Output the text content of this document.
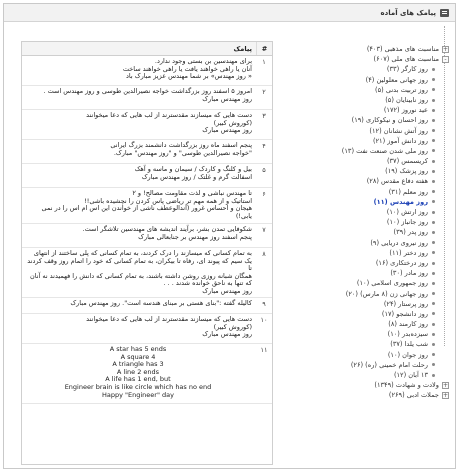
پیامک های آماده
+
مناسبت های مذهبی (۴۰۳)
-
مناسبت های ملی (۶۰۷)
روز کارگر (۳۳)
روز جهانی معلولین (۴)
روز تربیت بدنی (۵)
روز نابینایان (۵)
عید نوروز (۱۷۲)
روز احسان و نیکوکاری (۱۹)
روز آتش نشانان (۱۲)
روز دانش آموز (۲۱)
روز ملی شدن صنعت نفت (۱۳)
کریسمس (۳۷)
روز پزشک (۱۹)
هفته دفاع مقدس (۲۸)
روز معلم (۳۱)
روز مهندس (۱۱)
روز ارتش (۱۰)
روز جانباز (۱۰)
روز پدر (۳۹)
روز نیروی دریایی (۹)
روز دختر (۱۱)
روز درختکاری (۱۶)
روز مادر (۳۰)
روز جمهوری اسلامی (۱۰)
روز جهانی زن (۸ مارس) (۲۰)
روز پرستار (۲۴)
روز دانشجو (۱۷)
روز کارمند (۸)
سیزده‌بدر (۱۰)
شب یلدا (۳۷)
روز جوان (۱۰)
رحلت امام خمینی (ره) (۲۶)
۱۳ آبان (۱۲)
+
ولادت و شهادت (۱۳۴۹)
+
جملات ادبی (۲۶۹)
#
پیامک
۱
برای مهندسین بن بستی وجود ندارد.
آنان یا راهی خواهند یافت یا راهی خواهند ساخت
« روز مهندس» بر شما مهندس عزیز مبارک باد
۲
امروز ۵ اسفند روز بزرگداشت خواجه نصیرالدین طوسی و روز مهندس است .
روز مهندس مبارک
۳
دست هایی که میسازند مقدسترند از لب هایی که دعا میخوانند
(کوروش کبیر)
روز مهندس مبارک
۴
پنجم اسفند ماه روز بزرگداشت دانشمند بزرگ ایرانی
"خواجه نصیرالدین طوسی" و "روز مهندس" مبارک.
۵
بیل و کلنگ و کاردک / سیمان و ماسه و آهک
اسفالت گرم و غلتک / روز مهندس مبارک
۶
تا مهندس نباشی و لذت مقاومت مصالح! و ۲
استاتیک و از همه مهم تر ریاضی پاس کردن را نچشیده باشی!!
هیجان و احساس غرور (اندالوعطف ناشی از خواندن این اس ام اس را در نمی یابی!)
۷
شکوفایی تمدن بشر، برآیند اندیشه های مهندسین تلاشگر است.
پنجم اسفند روز مهندس بر جنابعالی مبارک
۸
به تمام کسانی که میسازند را درک کردند، به تمام کسانی که پلی ساختند از انتهای
یک سیم که پیوند ای، رفاه تا بیکران، به تمام کسانی که خود را اتمام روز وقف کردند تا
همگان شبانه روزی روشن داشته باشند، به تمام کسانی که دانش را فهمیدند نه آنان
که تنها به ناحق خوانده شدند . . .
روز مهندس مبارک
۹
کالیله گفته :"بنای هستی بر مبنای هندسه است". روز مهندس مبارک
۱۰
دست هایی که میسازند مقدسترند از لب هایی که دعا میخوانند
(کوروش کبیر)
روز مهندس مبارک
۱۱
A star has 5 ends
A square 4
A triangle has 3
A line 2 ends
A life has 1 end, but
Engineer brain is like circle which has no end
Happy "Engineer" day
